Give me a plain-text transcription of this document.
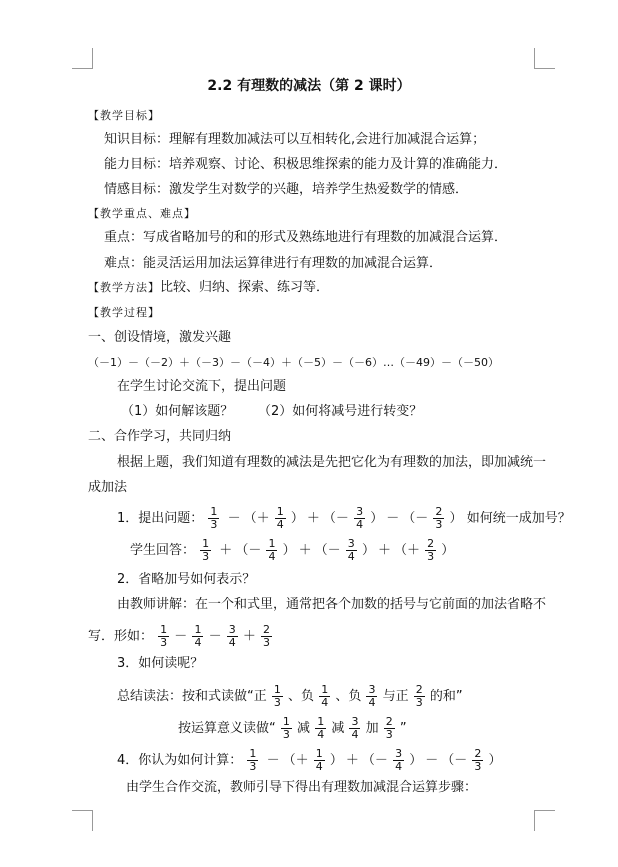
2.2 有理数的减法（第 2 课时）
【教学目标】
知识目标：理解有理数加减法可以互相转化,会进行加减混合运算；
能力目标：培养观察、讨论、积极思维探索的能力及计算的准确能力．
情感目标：激发学生对数学的兴趣，培养学生热爱数学的情感．
【教学重点、难点】
重点：写成省略加号的和的形式及熟练地进行有理数的加减混合运算．
难点：能灵活运用加法运算律进行有理数的加减混合运算．
【教学方法】比较、归纳、探索、练习等．
【教学过程】
一、创设情境，激发兴趣
（－1）－（－2）＋（－3）－（－4）＋（－5）－（－6）…（－49）－（－50）
在学生讨论交流下，提出问题
（1）如何解该题？ （2）如何将减号进行转变？
二、合作学习，共同归纳
根据上题，我们知道有理数的减法是先把它化为有理数的加法，即加减统一
成加法
1．提出问题： $\frac{1}{3}$ － （＋ $\frac{1}{4}$ ） ＋ （－ $\frac{3}{4}$ ） － （－ $\frac{2}{3}$ ） 如何统一成加号？
学生回答： $\frac{1}{3}$ ＋ （－ $\frac{1}{4}$ ） ＋ （－ $\frac{3}{4}$ ） ＋ （＋ $\frac{2}{3}$ ）
2．省略加号如何表示？
由教师讲解：在一个和式里，通常把各个加数的括号与它前面的加法省略不
写．形如： $\frac{1}{3} - \frac{1}{4} - \frac{3}{4} + \frac{2}{3}$
3．如何读呢？
总结读法：按和式读做“正 $\frac{1}{3}$ 、负 $\frac{1}{4}$ 、负 $\frac{3}{4}$ 与正 $\frac{2}{3}$ 的和”
按运算意义读做“ $\frac{1}{3}$ 减 $\frac{1}{4}$ 减 $\frac{3}{4}$ 加 $\frac{2}{3}$ ”
4．你认为如何计算： $\frac{1}{3}$ － （＋ $\frac{1}{4}$ ） ＋ （－ $\frac{3}{4}$ ） － （－ $\frac{2}{3}$ ）
由学生合作交流，教师引导下得出有理数加减混合运算步骤：
